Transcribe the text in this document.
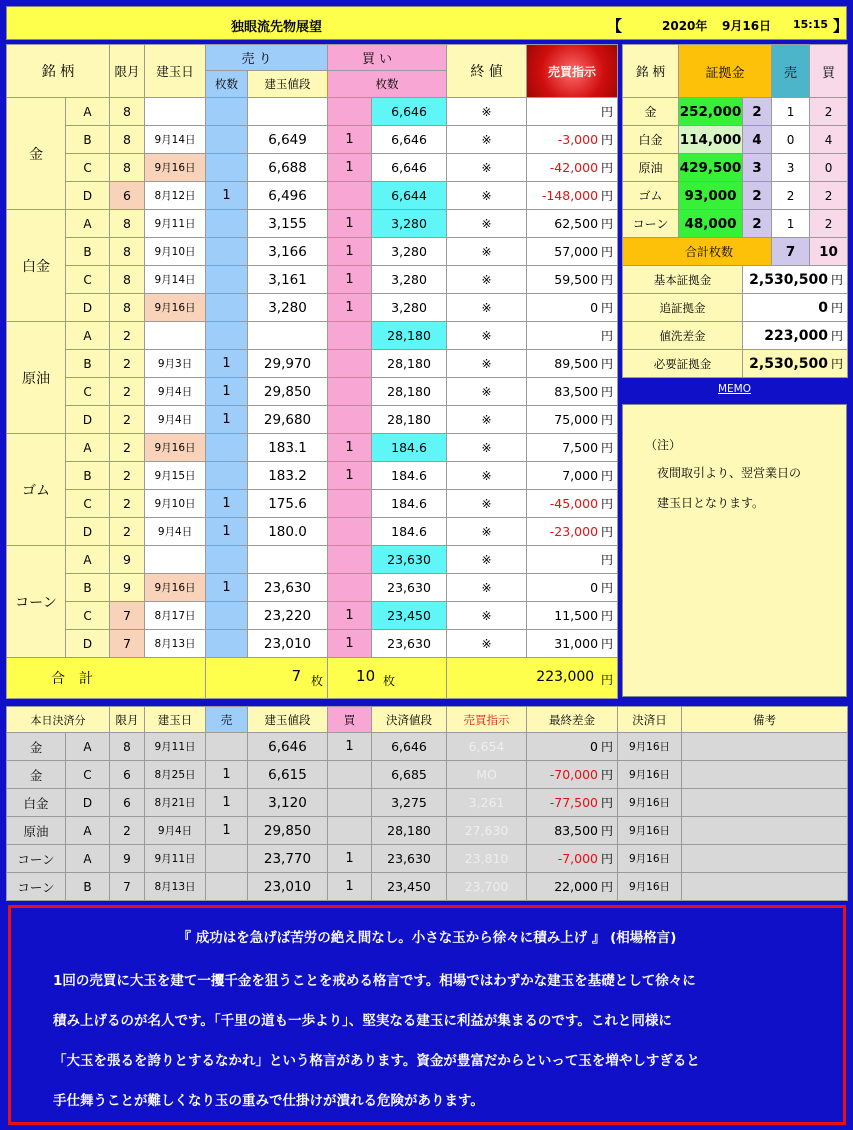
独眼流先物展望	【	2020年 9月16日 15:15 】
銘 柄		限月	建玉日	売 り		買 い		終 値	売買指示	
				枚数	建玉値段	枚数				
金	A	8					6,646	※	円	
	B	8	9月14日		6,649	1	6,646	※	-3,000 円	
	C	8	9月16日		6,688	1	6,646	※	-42,000 円	
	D	6	8月12日	1	6,496		6,644	※	-148,000 円	
白金	A	8	9月11日		3,155	1	3,280	※	62,500 円	
	B	8	9月10日		3,166	1	3,280	※	57,000 円	
	C	8	9月14日		3,161	1	3,280	※	59,500 円	
	D	8	9月16日		3,280	1	3,280	※	0 円	
原油	A	2					28,180	※	円	
	B	2	9月3日	1	29,970		28,180	※	89,500 円	
	C	2	9月4日	1	29,850		28,180	※	83,500 円	
	D	2	9月4日	1	29,680		28,180	※	75,000 円	
ゴム	A	2	9月16日		183.1	1	184.6	※	7,500 円	
	B	2	9月15日		183.2	1	184.6	※	7,000 円	
	C	2	9月10日	1	175.6		184.6	※	-45,000 円	
	D	2	9月4日	1	180.0		184.6	※	-23,000 円	
コーン	A	9					23,630	※	円	
	B	9	9月16日	1	23,630		23,630	※	0 円	
	C	7	8月17日		23,220	1	23,450	※	11,500 円	
	D	7	8月13日		23,010	1	23,630	※	31,000 円	
合　計				7 枚		10 枚		223,000 円		
銘 柄	証拠金		売	買
金	252,000	2	1	2
白金	114,000	4	0	4
原油	429,500	3	3	0
ゴム	93,000	2	2	2
コーン	48,000	2	1	2
合計枚数			7	10
基本証拠金		2,530,500 円		
追証拠金		0 円		
値洗差金		223,000 円		
必要証拠金		2,530,500 円		
MEMO
（注）
夜間取引より、翌営業日の
建玉日となります。
本日決済分		限月	建玉日	売	建玉値段	買	決済値段	売買指示	最終差金	決済日	備考
金	A	8	9月11日		6,646	1	6,646	6,654	0 円	9月16日	
金	C	6	8月25日	1	6,615		6,685	MO	-70,000 円	9月16日	
白金	D	6	8月21日	1	3,120		3,275	3,261	-77,500 円	9月16日	
原油	A	2	9月4日	1	29,850		28,180	27,630	83,500 円	9月16日	
コーン	A	9	9月11日		23,770	1	23,630	23,810	-7,000 円	9月16日	
コーン	B	7	8月13日		23,010	1	23,450	23,700	22,000 円	9月16日	
『 成功はを急げば苦労の絶え間なし。小さな玉から徐々に積み上げ 』 (相場格言)
1回の売買に大玉を建て一攫千金を狙うことを戒める格言です。相場ではわずかな建玉を基礎として徐々に
積み上げるのが名人です。「千里の道も一歩より」、堅実なる建玉に利益が集まるのです。これと同様に
「大玉を張るを誇りとするなかれ」という格言があります。資金が豊富だからといって玉を増やしすぎると
手仕舞うことが難しくなり玉の重みで仕掛けが潰れる危険があります。
